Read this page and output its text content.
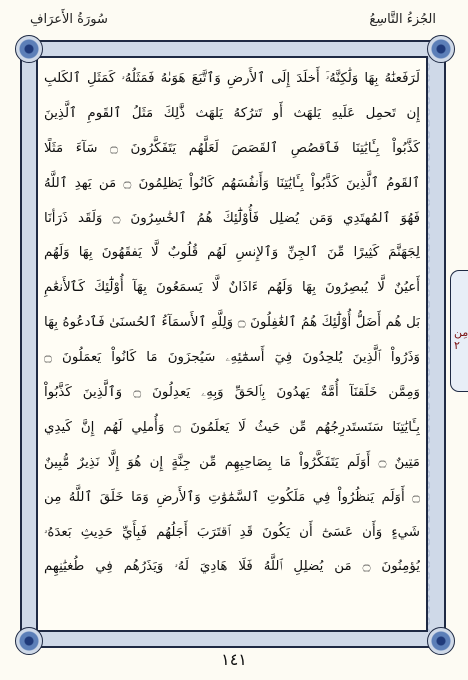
سُورَةُ الأَعرَافِ	الجُزءُ التَّاسِعُ
لَرَفَعنَٰهُ بِهَا وَلَٰكِنَّهُۥٓ أَخلَدَ إِلَى ٱلأَرضِ وَٱتَّبَعَ هَوَىٰهُ فَمَثَلُهُۥ كَمَثَلِ ٱلكَلبِ
إِن تَحمِل عَلَيهِ يَلهَث أَو تَترُكهُ يَلهَث ذَّٰلِكَ مَثَلُ ٱلقَومِ ٱلَّذِينَ
كَذَّبُواْ بِـَٔايَٰتِنَا فَٱقصُصِ ٱلقَصَصَ لَعَلَّهُم يَتَفَكَّرُونَ ۝ سَآءَ مَثَلًا
ٱلقَومُ ٱلَّذِينَ كَذَّبُواْ بِـَٔايَٰتِنَا وَأَنفُسَهُم كَانُواْ يَظلِمُونَ ۝ مَن يَهدِ ٱللَّهُ
فَهُوَ ٱلمُهتَدِي وَمَن يُضلِل فَأُوْلَٰٓئِكَ هُمُ ٱلخَٰسِرُونَ ۝ وَلَقَد ذَرَأنَا
لِجَهَنَّمَ كَثِيرًا مِّنَ ٱلجِنِّ وَٱلإِنسِ لَهُم قُلُوبٌ لَّا يَفقَهُونَ بِهَا وَلَهُم
أَعيُنٌ لَّا يُبصِرُونَ بِهَا وَلَهُم ءَاذَانٌ لَّا يَسمَعُونَ بِهَآ أُوْلَٰٓئِكَ كَٱلأَنعَٰمِ
بَل هُم أَضَلُّ أُوْلَٰٓئِكَ هُمُ ٱلغَٰفِلُونَ ۝ وَلِلَّهِ ٱلأَسمَآءُ ٱلحُسنَىٰ فَٱدعُوهُ بِهَا
وَذَرُواْ ٱلَّذِينَ يُلحِدُونَ فِيٓ أَسمَٰٓئِهِۦ سَيُجزَونَ مَا كَانُواْ يَعمَلُونَ ۝
وَمِمَّن خَلَقنَآ أُمَّةٌ يَهدُونَ بِٱلحَقِّ وَبِهِۦ يَعدِلُونَ ۝ وَٱلَّذِينَ كَذَّبُواْ
بِـَٔايَٰتِنَا سَنَستَدرِجُهُم مِّن حَيثُ لَا يَعلَمُونَ ۝ وَأُملِي لَهُم إِنَّ كَيدِي
مَتِينٌ ۝ أَوَلَم يَتَفَكَّرُواْ مَا بِصَاحِبِهِم مِّن جِنَّةٍ إِن هُوَ إِلَّا نَذِيرٌ مُّبِينٌ
۝ أَوَلَم يَنظُرُواْ فِي مَلَكُوتِ ٱلسَّمَٰوَٰتِ وَٱلأَرضِ وَمَا خَلَقَ ٱللَّهُ مِن
شَيءٍ وَأَن عَسَىٰٓ أَن يَكُونَ قَدِ ٱقتَرَبَ أَجَلُهُم فَبِأَيِّ حَدِيثِ بَعدَهُۥ
يُؤمِنُونَ ۝ مَن يُضلِلِ ٱللَّهُ فَلَا هَادِيَ لَهُۥ وَيَذَرُهُم فِي طُغيَٰنِهِم
مِن ٢
١٤١
